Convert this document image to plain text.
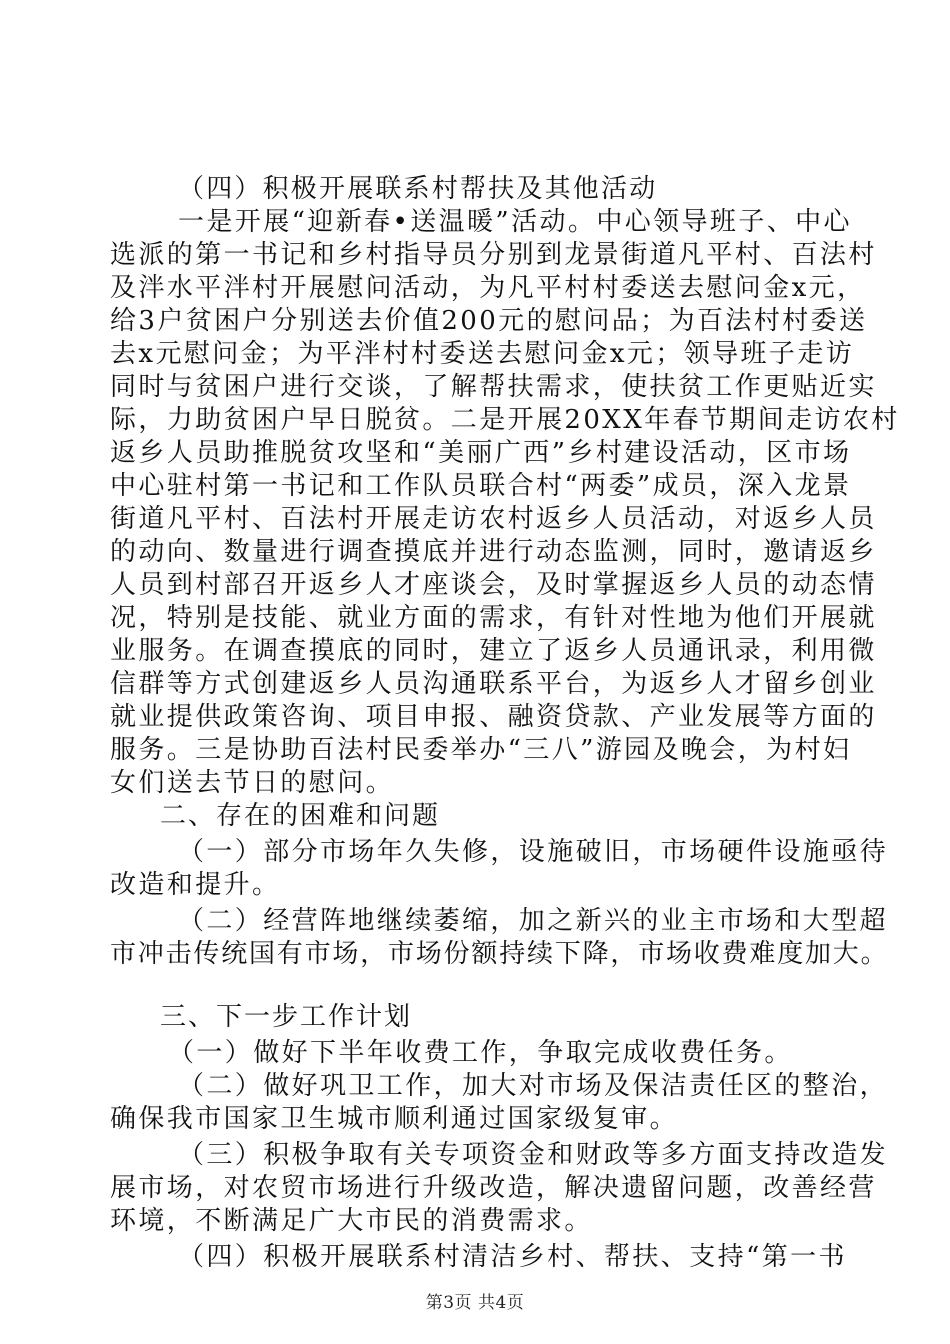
（四）积极开展联系村帮扶及其他活动
一是开展“迎新春•送温暖”活动。中心领导班子、中心
选派的第一书记和乡村指导员分别到龙景街道凡平村、百法村
及泮水平泮村开展慰问活动，为凡平村村委送去慰问金x元，
给3户贫困户分别送去价值200元的慰问品；为百法村村委送
去x元慰问金；为平泮村村委送去慰问金x元；领导班子走访
同时与贫困户进行交谈，了解帮扶需求，使扶贫工作更贴近实
际，力助贫困户早日脱贫。二是开展20XX年春节期间走访农村
返乡人员助推脱贫攻坚和“美丽广西”乡村建设活动，区市场
中心驻村第一书记和工作队员联合村“两委”成员，深入龙景
街道凡平村、百法村开展走访农村返乡人员活动，对返乡人员
的动向、数量进行调查摸底并进行动态监测，同时，邀请返乡
人员到村部召开返乡人才座谈会，及时掌握返乡人员的动态情
况，特别是技能、就业方面的需求，有针对性地为他们开展就
业服务。在调查摸底的同时，建立了返乡人员通讯录，利用微
信群等方式创建返乡人员沟通联系平台，为返乡人才留乡创业
就业提供政策咨询、项目申报、融资贷款、产业发展等方面的
服务。三是协助百法村民委举办“三八”游园及晚会，为村妇
女们送去节日的慰问。
二、存在的困难和问题
（一）部分市场年久失修，设施破旧，市场硬件设施亟待
改造和提升。
（二）经营阵地继续萎缩，加之新兴的业主市场和大型超
市冲击传统国有市场，市场份额持续下降，市场收费难度加大。
三、下一步工作计划
（一）做好下半年收费工作，争取完成收费任务。
（二）做好巩卫工作，加大对市场及保洁责任区的整治，
确保我市国家卫生城市顺利通过国家级复审。
（三）积极争取有关专项资金和财政等多方面支持改造发
展市场，对农贸市场进行升级改造，解决遗留问题，改善经营
环境，不断满足广大市民的消费需求。
（四）积极开展联系村清洁乡村、帮扶、支持“第一书
第3页 共4页
